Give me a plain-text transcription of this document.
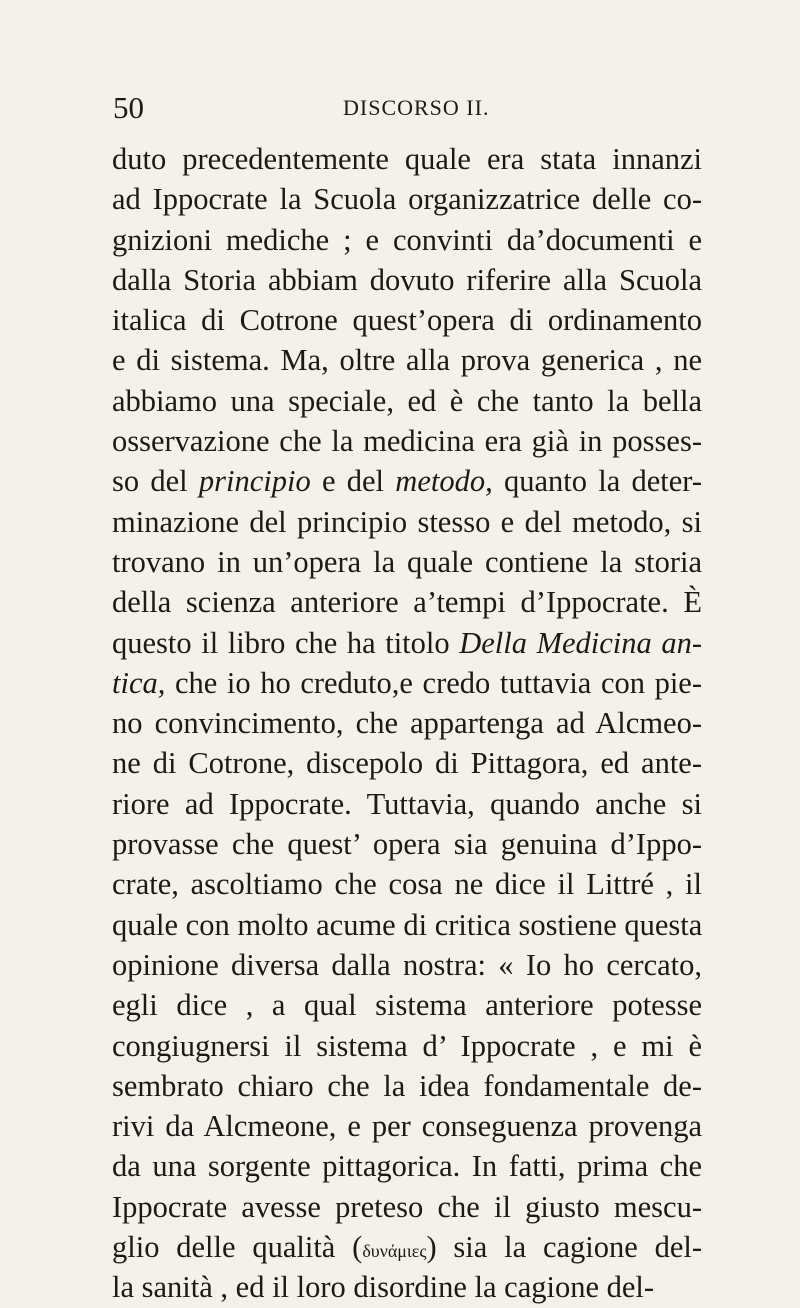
50	DISCORSO II.
duto precedentemente quale era stata innanzi
ad Ippocrate la Scuola organizzatrice delle co-
gnizioni mediche ; e convinti da’documenti e
dalla Storia abbiam dovuto riferire alla Scuola
italica di Cotrone quest’opera di ordinamento
e di sistema. Ma, oltre alla prova generica , ne
abbiamo una speciale, ed è che tanto la bella
osservazione che la medicina era già in posses-
so del principio e del metodo, quanto la deter-
minazione del principio stesso e del metodo, si
trovano in un’opera la quale contiene la storia
della scienza anteriore a’tempi d’Ippocrate. È
questo il libro che ha titolo Della Medicina an-
tica, che io ho creduto,e credo tuttavia con pie-
no convincimento, che appartenga ad Alcmeo-
ne di Cotrone, discepolo di Pittagora, ed ante-
riore ad Ippocrate. Tuttavia, quando anche si
provasse che quest’ opera sia genuina d’Ippo-
crate, ascoltiamo che cosa ne dice il Littré , il
quale con molto acume di critica sostiene questa
opinione diversa dalla nostra: « Io ho cercato,
egli dice , a qual sistema anteriore potesse
congiugnersi il sistema d’ Ippocrate , e mi è
sembrato chiaro che la idea fondamentale de-
rivi da Alcmeone, e per conseguenza provenga
da una sorgente pittagorica. In fatti, prima che
Ippocrate avesse preteso che il giusto mescu-
glio delle qualità (δυνάμιες) sia la cagione del-
la sanità , ed il loro disordine la cagione del-
